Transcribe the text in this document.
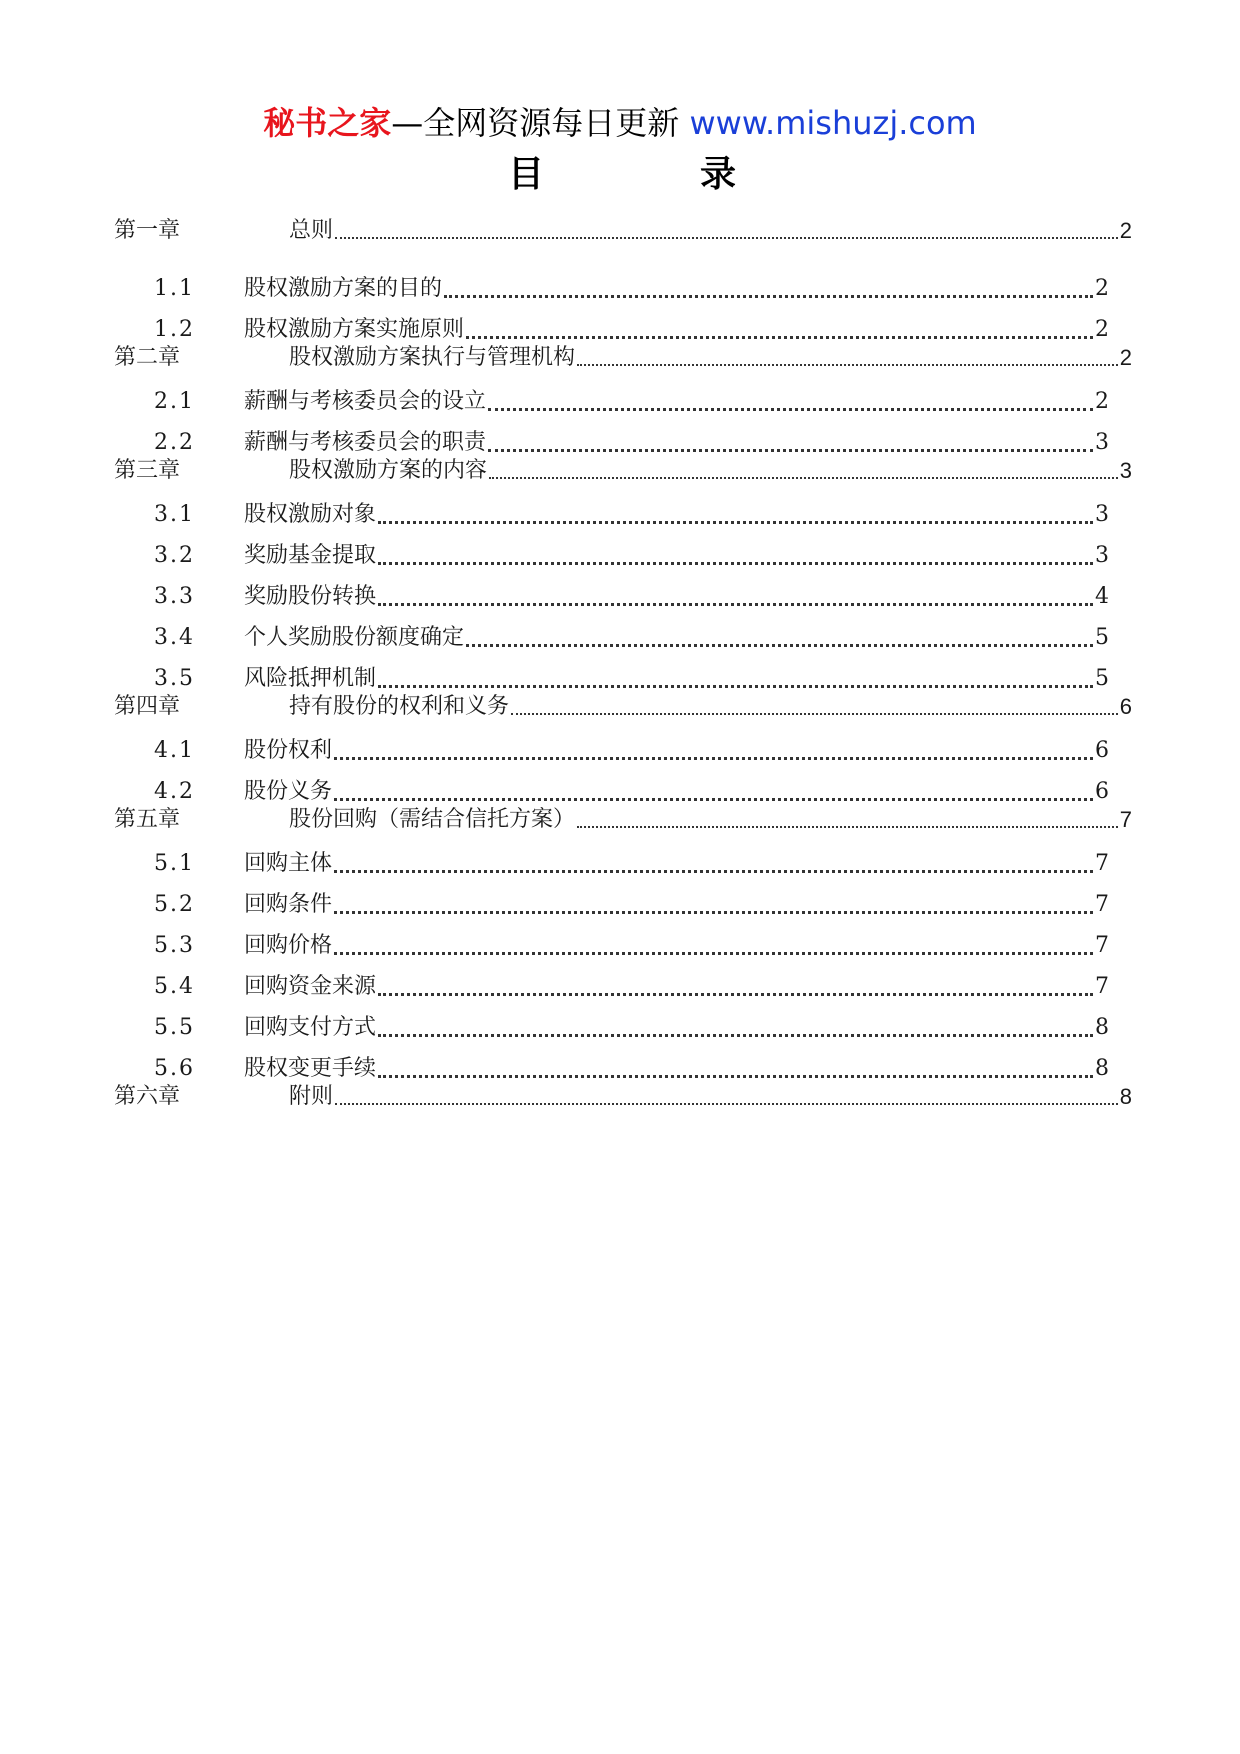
秘书之家—全网资源每日更新 www.mishuzj.com
目	录
第一章	总则	2
1.1	股权激励方案的目的	2
1.2	股权激励方案实施原则	2
第二章	股权激励方案执行与管理机构	2
2.1	薪酬与考核委员会的设立	2
2.2	薪酬与考核委员会的职责	3
第三章	股权激励方案的内容	3
3.1	股权激励对象	3
3.2	奖励基金提取	3
3.3	奖励股份转换	4
3.4	个人奖励股份额度确定	5
3.5	风险抵押机制	5
第四章	持有股份的权利和义务	6
4.1	股份权利	6
4.2	股份义务	6
第五章	股份回购（需结合信托方案）	7
5.1	回购主体	7
5.2	回购条件	7
5.3	回购价格	7
5.4	回购资金来源	7
5.5	回购支付方式	8
5.6	股权变更手续	8
第六章	附则	8
